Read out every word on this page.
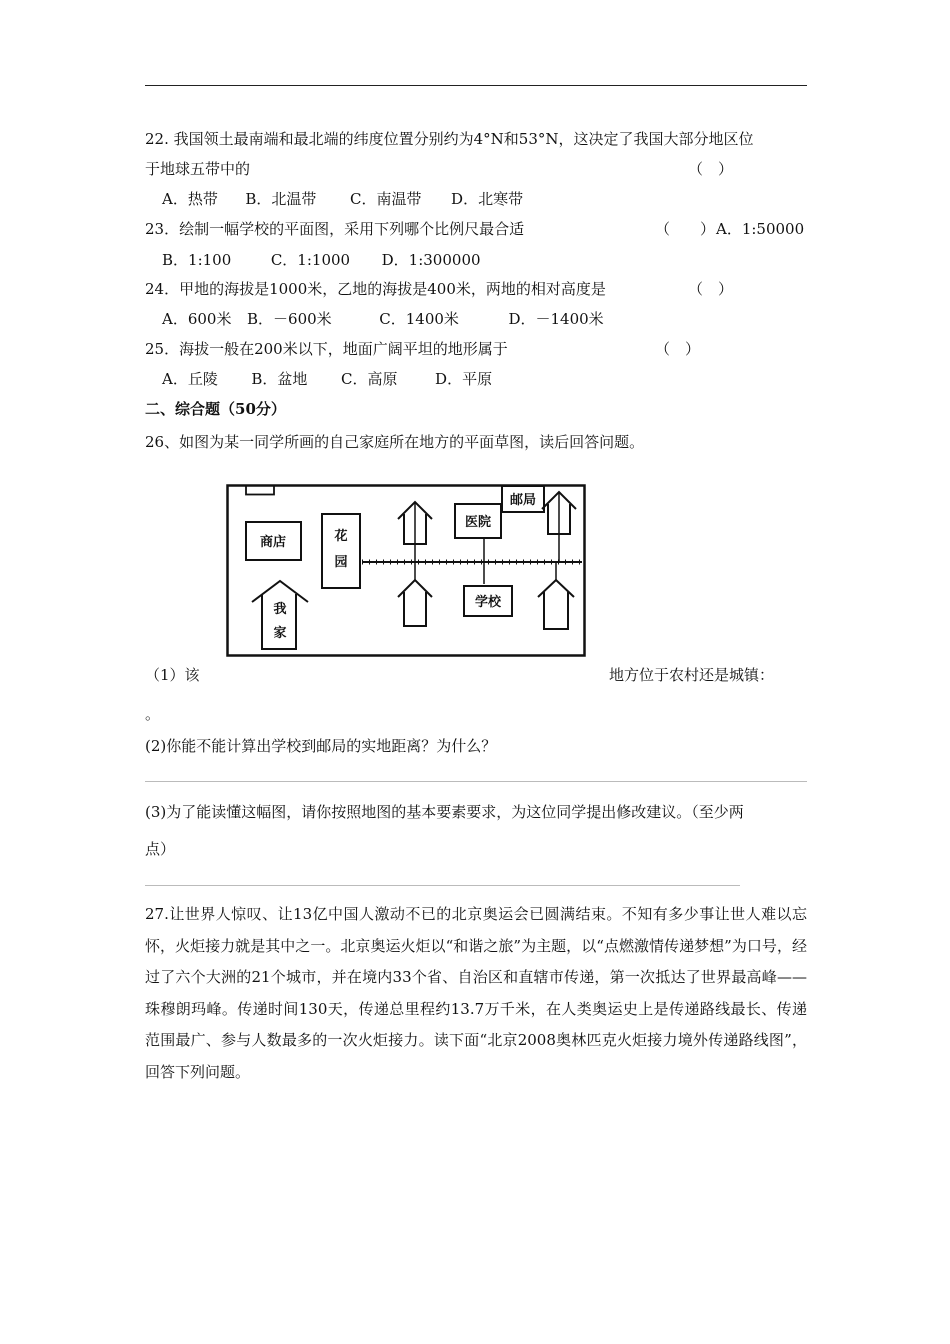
22. 我国领土最南端和最北端的纬度位置分别约为4°N和53°N，这决定了我国大部分地区位
于地球五带中的	（　）
A．热带 B．北温带 C．南温带 D．北寒带
23．绘制一幅学校的平面图，采用下列哪个比例尺最合适	（　　） A．1:50000
B．1:100	C．1:1000 D．1:300000
24．甲地的海拔是1000米，乙地的海拔是400米，两地的相对高度是	（　）
A．600米 B．－600米	C．1400米	D．－1400米
25．海拔一般在200米以下，地面广阔平坦的地形属于	（　）
A．丘陵 B．盆地 C．高原	D．平原
二、综合题（50分）
26、如图为某一同学所画的自己家庭所在地方的平面草图，读后回答问题。
商店	花
园
我
家
医院
邮局
学校
（1）该	地方位于农村还是城镇：
。
(2)你能不能计算出学校到邮局的实地距离？为什么？
(3)为了能读懂这幅图，请你按照地图的基本要素要求，为这位同学提出修改建议。（至少两
点）
27.让世界人惊叹、让13亿中国人激动不已的北京奥运会已圆满结束。不知有多少事让世人难以忘怀，火炬接力就是其中之一。北京奥运火炬以“和谐之旅”为主题，以“点燃激情传递梦想”为口号，经过了六个大洲的21个城市，并在境内33个省、自治区和直辖市传递，第一次抵达了世界最高峰——珠穆朗玛峰。传递时间130天，传递总里程约13.7万千米，在人类奥运史上是传递路线最长、传递范围最广、参与人数最多的一次火炬接力。读下面“北京2008奥林匹克火炬接力境外传递路线图”，回答下列问题。
